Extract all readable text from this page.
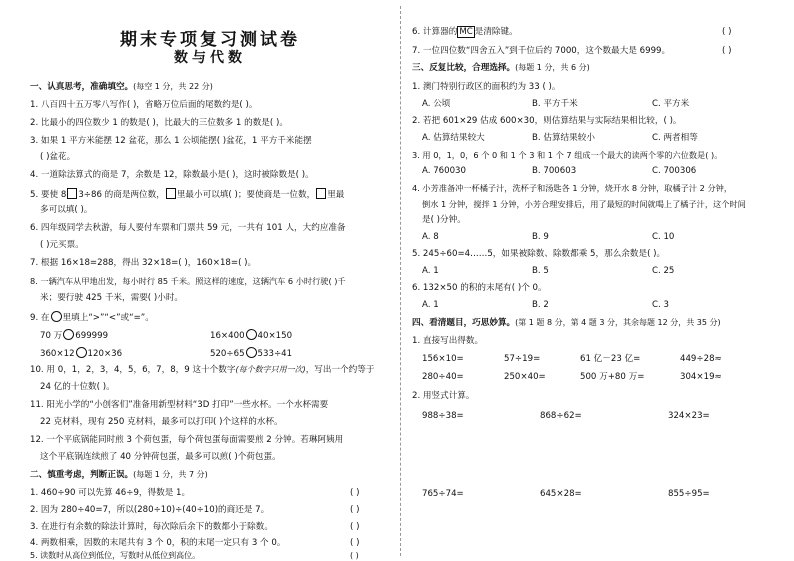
期末专项复习测试卷
数与代数
一、认真思考，准确填空。(每空 1 分，共 22 分)
1. 八百四十五万零八写作( )，省略万位后面的尾数约是( )。
2. 比最小的四位数少 1 的数是( )，比最大的三位数多 1 的数是( )。
3. 如果 1 平方米能摆 12 盆花，那么 1 公顷能摆( )盆花，1 平方千米能摆
( )盆花。
4. 一道除法算式的商是 7，余数是 12，除数最小是( )，这时被除数是( )。
5. 要使 8 3÷86 的商是两位数， 里最小可以填( )；要使商是一位数， 里最
多可以填( )。
6. 四年级同学去秋游，每人要付车票和门票共 59 元，一共有 101 人，大约应准备
( )元买票。
7. 根据 16×18=288，得出 32×18=( )，160×18=( )。
8. 一辆汽车从甲地出发，每小时行 85 千米。照这样的速度，这辆汽车 6 小时行驶( )千
米；要行驶 425 千米，需要( )小时。
9. 在 里填上“>”“<”或“=”。
70 万 699999	16×400 40×150
360×12 120×36	520÷65 533÷41
10. 用 0，1，2，3，4，5，6，7，8，9 这十个数字(每个数字只用一次)，写出一个约等于
24 亿的十位数( )。
11. 阳光小学的“小创客们”准备用新型材料“3D 打印”一些水杯。一个水杯需要
22 克材料，现有 250 克材料，最多可以打印( )个这样的水杯。
12. 一个平底锅能同时煎 3 个荷包蛋，每个荷包蛋每面需要煎 2 分钟。若琳阿姨用
这个平底锅连续煎了 40 分钟荷包蛋，最多可以煎( )个荷包蛋。
二、慎重考虑，判断正误。(每题 1 分，共 7 分)
1. 460÷90 可以先算 46÷9，得数是 1。	( )
2. 因为 280÷40=7，所以(280÷10)÷(40÷10)的商还是 7。	( )
3. 在进行有余数的除法计算时，每次除后余下的数都小于除数。	( )
4. 两数相乘，因数的末尾共有 3 个 0，积的末尾一定只有 3 个 0。	( )
5. 读数时从高位到低位，写数时从低位到高位。	( )
6. 计算器的 MC 是清除键。	( )
7. 一位四位数“四舍五入”到千位后约 7000，这个数最大是 6999。	( )
三、反复比较，合理选择。(每题 1 分，共 6 分)
1. 澳门特别行政区的面积约为 33 ( )。
A. 公顷	B. 平方千米	C. 平方米
2. 若把 601×29 估成 600×30，则估算结果与实际结果相比较，( )。
A. 估算结果较大	B. 估算结果较小	C. 两者相等
3. 用 0，1，0，6 个 0 和 1 个 3 和 1 个 7 组成一个最大的读两个零的六位数是( )。
A. 760030	B. 700603	C. 700306
4. 小芳准备冲一杯橘子汁，洗杯子和汤匙各 1 分钟，烧开水 8 分钟，取橘子汁 2 分钟，
倒水 1 分钟，搅拌 1 分钟，小芳合理安排后，用了最短的时间就喝上了橘子汁，这个时间
是( )分钟。
A. 8	B. 9	C. 10
5. 245÷60=4……5，如果被除数、除数都乘 5，那么余数是( )。
A. 1	B. 5	C. 25
6. 132×50 的积的末尾有( )个 0。
A. 1	B. 2	C. 3
四、看清题目，巧思妙算。(第 1 题 8 分，第 4 题 3 分，其余每题 12 分，共 35 分)
1. 直接写出得数。
156×10=	57÷19=	61 亿－23 亿=	449÷28≈
280÷40=	250×40=	500 万+80 万=	304×19≈
2. 用竖式计算。
988÷38=	868÷62=	324×23=
765÷74=	645×28=	855÷95=
